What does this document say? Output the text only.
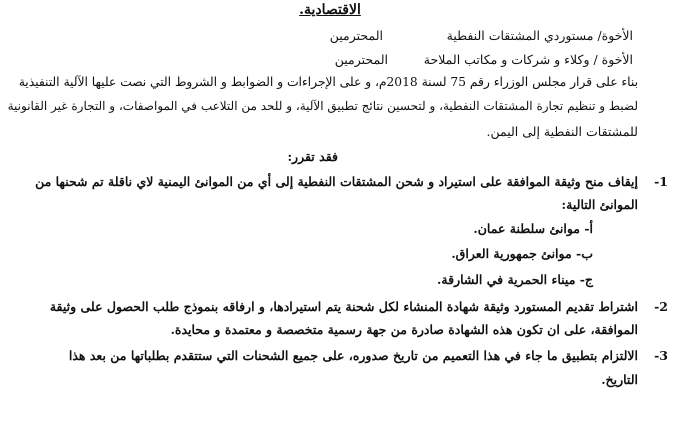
الاقتصادية.
الأخوة/ مستوردي المشتقات النفطية
المحترمين
الأخوة / وكلاء و شركات و مكاتب الملاحة
المحترمين
بناء على قرار مجلس الوزراء رقم 75 لسنة 2018م، و على الإجراءات و الضوابط و الشروط التي نصت عليها الآلية التنفيذية
لضبط و تنظيم تجارة المشتقات النفطية، و لتحسين نتائج تطبيق الآلية، و للحد من التلاعب في المواصفات، و التجارة غير القانونية
للمشتقات النفطية إلى اليمن.
فقد تقرر:
-1
إيقاف منح وثيقة الموافقة على استيراد و شحن المشتقات النفطية إلى أي من الموانئ اليمنية لاي ناقلة تم شحنها من
الموانئ التالية:
أ- موانئ سلطنة عمان.
ب- موانئ جمهورية العراق.
ج- ميناء الحمرية في الشارقة.
-2
اشتراط تقديم المستورد وثيقة شهادة المنشاء لكل شحنة يتم استيرادها، و ارفاقه بنموذج طلب الحصول على وثيقة
الموافقة، على ان تكون هذه الشهادة صادرة من جهة رسمية متخصصة و معتمدة و محايدة.
-3
الالتزام بتطبيق ما جاء في هذا التعميم من تاريخ صدوره، على جميع الشحنات التي ستتقدم بطلباتها من بعد هذا
التاريخ.
